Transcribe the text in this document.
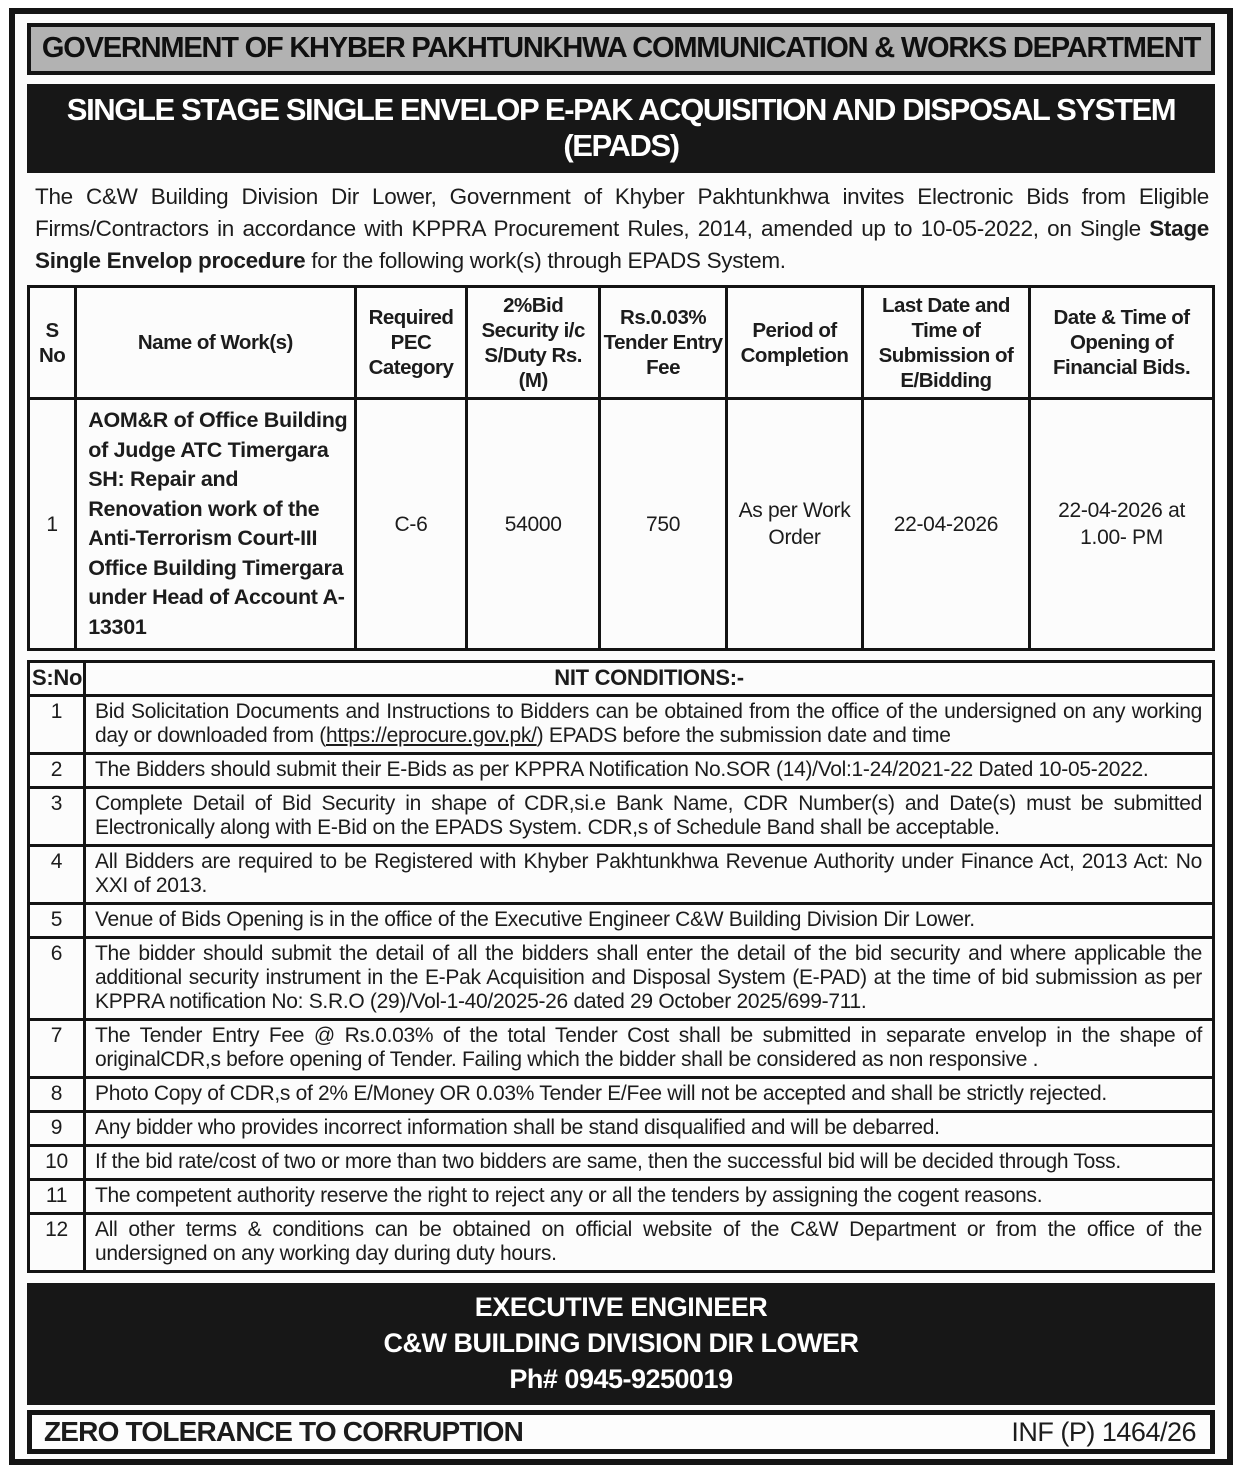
GOVERNMENT OF KHYBER PAKHTUNKHWA COMMUNICATION & WORKS DEPARTMENT
SINGLE STAGE SINGLE ENVELOP E-PAK ACQUISITION AND DISPOSAL SYSTEM (EPADS)
The C&W Building Division Dir Lower, Government of Khyber Pakhtunkhwa invites Electronic Bids from Eligible Firms/Contractors in accordance with KPPRA Procurement Rules, 2014, amended up to 10-05-2022, on Single Stage Single Envelop procedure for the following work(s) through EPADS System.
S No	Name of Work(s)	Required PEC Category	2%Bid Security i/c S/Duty Rs. (M)	Rs.0.03% Tender Entry Fee	Period of Completion	Last Date and Time of Submission of E/Bidding	Date & Time of Opening of Financial Bids.
1	AOM&R of Office Building of Judge ATC Timergara SH: Repair and Renovation work of the Anti-Terrorism Court-III Office Building Timergara under Head of Account A-13301	C-6	54000	750	As per Work Order	22-04-2026	22-04-2026 at 1.00- PM
S:No	NIT CONDITIONS:-
1	Bid Solicitation Documents and Instructions to Bidders can be obtained from the office of the undersigned on any working day or downloaded from (https://eprocure.gov.pk/) EPADS before the submission date and time
2	The Bidders should submit their E-Bids as per KPPRA Notification No.SOR (14)/Vol:1-24/2021-22 Dated 10-05-2022.
3	Complete Detail of Bid Security in shape of CDR,si.e Bank Name, CDR Number(s) and Date(s) must be submitted Electronically along with E-Bid on the EPADS System. CDR,s of Schedule Band shall be acceptable.
4	All Bidders are required to be Registered with Khyber Pakhtunkhwa Revenue Authority under Finance Act, 2013 Act: No XXI of 2013.
5	Venue of Bids Opening is in the office of the Executive Engineer C&W Building Division Dir Lower.
6	The bidder should submit the detail of all the bidders shall enter the detail of the bid security and where applicable the additional security instrument in the E-Pak Acquisition and Disposal System (E-PAD) at the time of bid submission as per KPPRA notification No: S.R.O (29)/Vol-1-40/2025-26 dated 29 October 2025/699-711.
7	The Tender Entry Fee @ Rs.0.03% of the total Tender Cost shall be submitted in separate envelop in the shape of originalCDR,s before opening of Tender. Failing which the bidder shall be considered as non responsive .
8	Photo Copy of CDR,s of 2% E/Money OR 0.03% Tender E/Fee will not be accepted and shall be strictly rejected.
9	Any bidder who provides incorrect information shall be stand disqualified and will be debarred.
10	If the bid rate/cost of two or more than two bidders are same, then the successful bid will be decided through Toss.
11	The competent authority reserve the right to reject any or all the tenders by assigning the cogent reasons.
12	All other terms & conditions can be obtained on official website of the C&W Department or from the office of the undersigned on any working day during duty hours.
EXECUTIVE ENGINEER
C&W BUILDING DIVISION DIR LOWER
Ph# 0945-9250019
ZERO TOLERANCE TO CORRUPTION	INF (P) 1464/26
